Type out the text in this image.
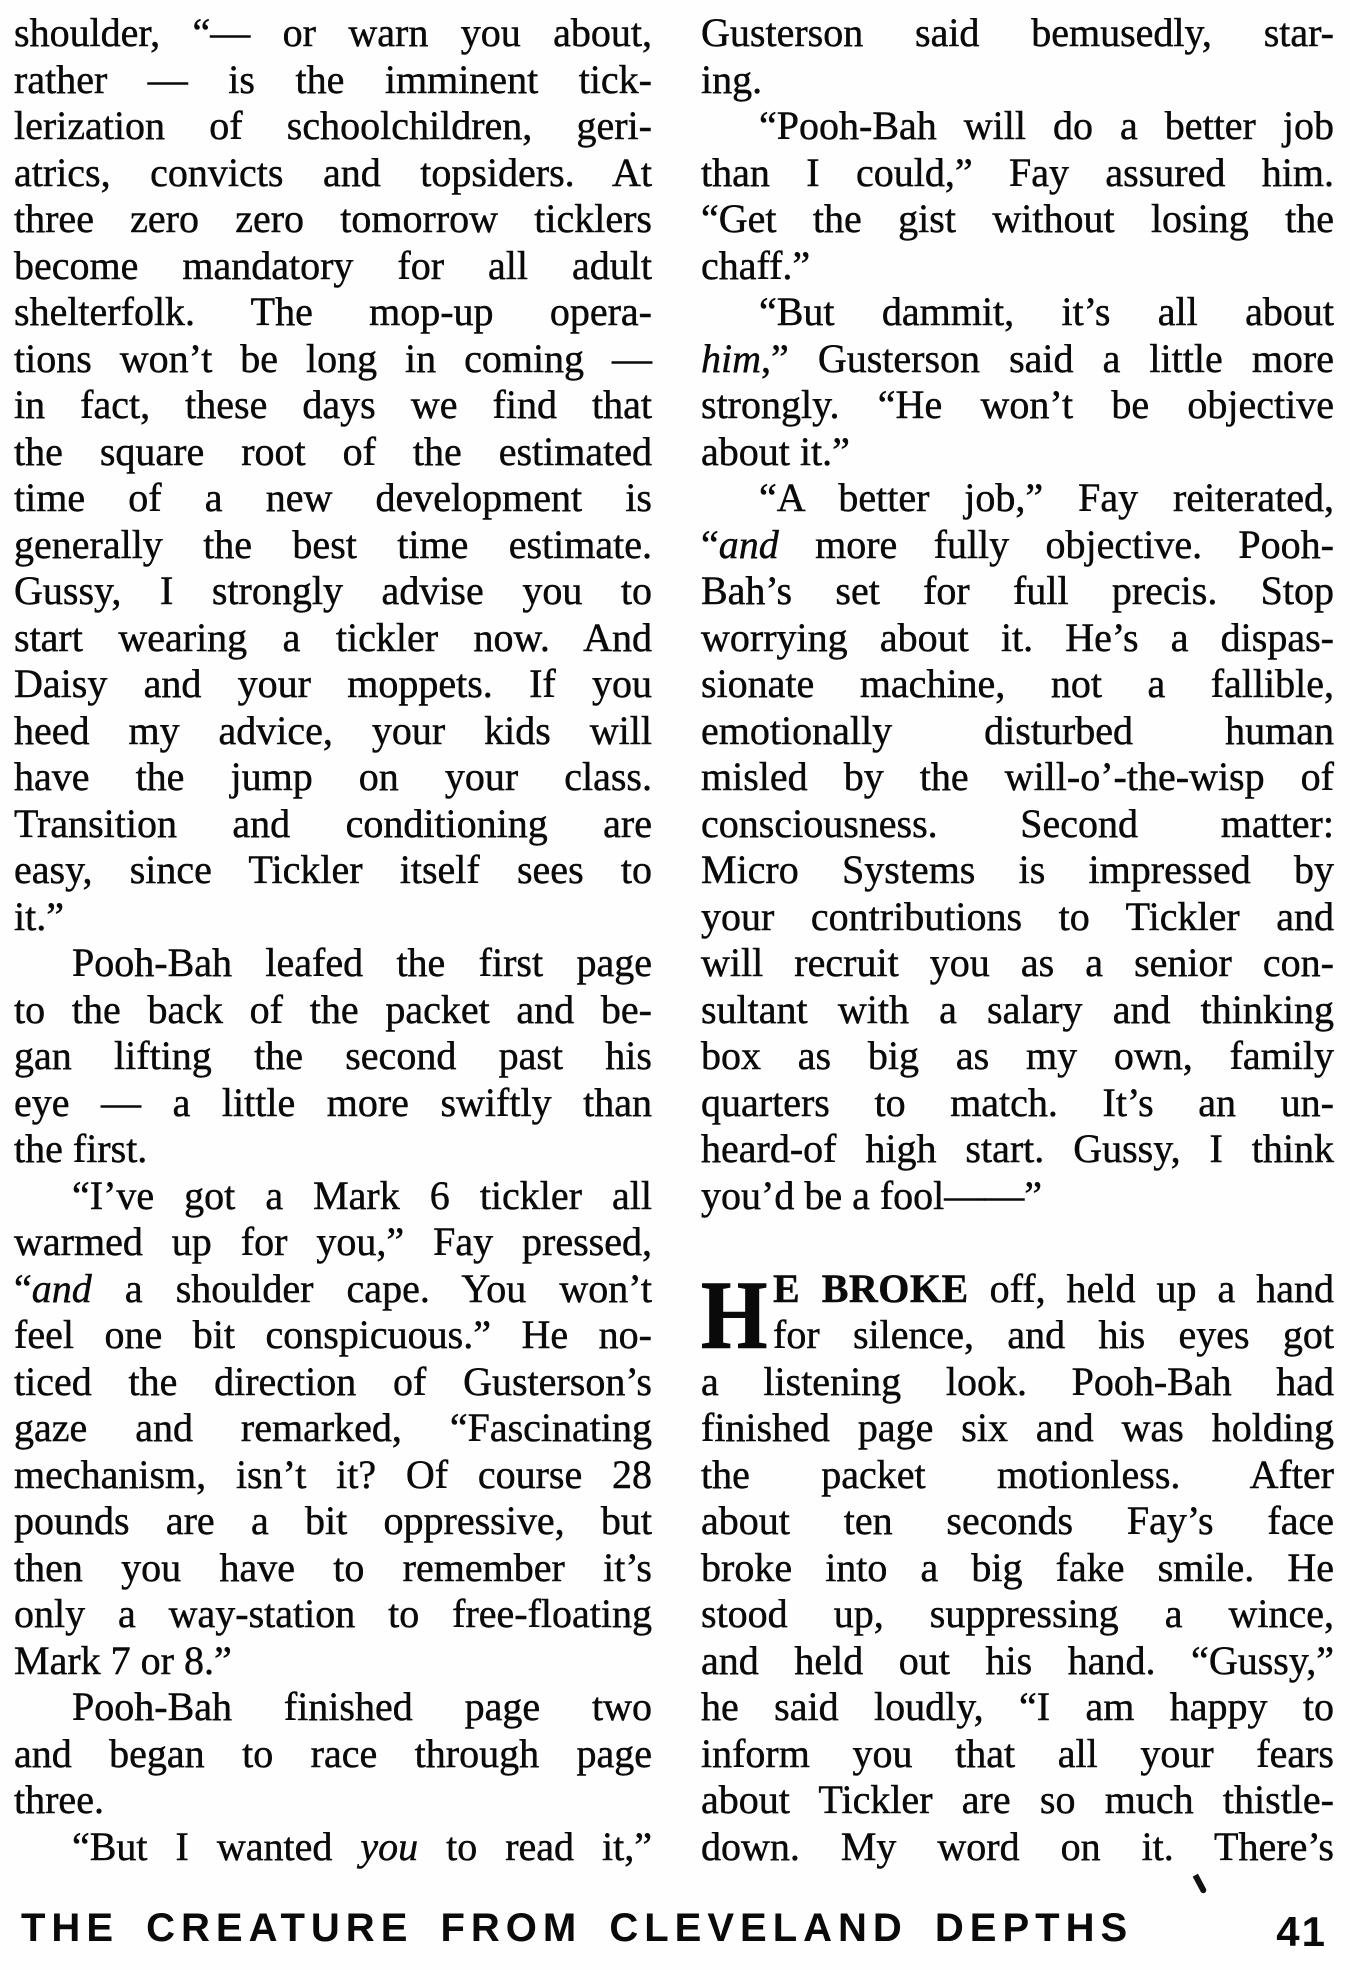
shoulder, “— or warn you about,
rather — is the imminent tick-
lerization of schoolchildren, geri-
atrics, convicts and topsiders. At
three zero zero tomorrow ticklers
become mandatory for all adult
shelterfolk. The mop-up opera-
tions won’t be long in coming —
in fact, these days we find that
the square root of the estimated
time of a new development is
generally the best time estimate.
Gussy, I strongly advise you to
start wearing a tickler now. And
Daisy and your moppets. If you
heed my advice, your kids will
have the jump on your class.
Transition and conditioning are
easy, since Tickler itself sees to
it.”
Pooh-Bah leafed the first page
to the back of the packet and be-
gan lifting the second past his
eye — a little more swiftly than
the first.
“I’ve got a Mark 6 tickler all
warmed up for you,” Fay pressed,
“and a shoulder cape. You won’t
feel one bit conspicuous.” He no-
ticed the direction of Gusterson’s
gaze and remarked, “Fascinating
mechanism, isn’t it? Of course 28
pounds are a bit oppressive, but
then you have to remember it’s
only a way-station to free-floating
Mark 7 or 8.”
Pooh-Bah finished page two
and began to race through page
three.
“But I wanted you to read it,”
Gusterson said bemusedly, star-
ing.
“Pooh-Bah will do a better job
than I could,” Fay assured him.
“Get the gist without losing the
chaff.”
“But dammit, it’s all about
him,” Gusterson said a little more
strongly. “He won’t be objective
about it.”
“A better job,” Fay reiterated,
“and more fully objective. Pooh-
Bah’s set for full precis. Stop
worrying about it. He’s a dispas-
sionate machine, not a fallible,
emotionally disturbed human
misled by the will-o’-the-wisp of
consciousness. Second matter:
Micro Systems is impressed by
your contributions to Tickler and
will recruit you as a senior con-
sultant with a salary and thinking
box as big as my own, family
quarters to match. It’s an un-
heard-of high start. Gussy, I think
you’d be a fool——”
H E BROKE off, held up a hand
for silence, and his eyes got
a listening look. Pooh-Bah had
finished page six and was holding
the packet motionless. After
about ten seconds Fay’s face
broke into a big fake smile. He
stood up, suppressing a wince,
and held out his hand. “Gussy,”
he said loudly, “I am happy to
inform you that all your fears
about Tickler are so much thistle-
down. My word on it. There’s
THE CREATURE FROM CLEVELAND DEPTHS	41
